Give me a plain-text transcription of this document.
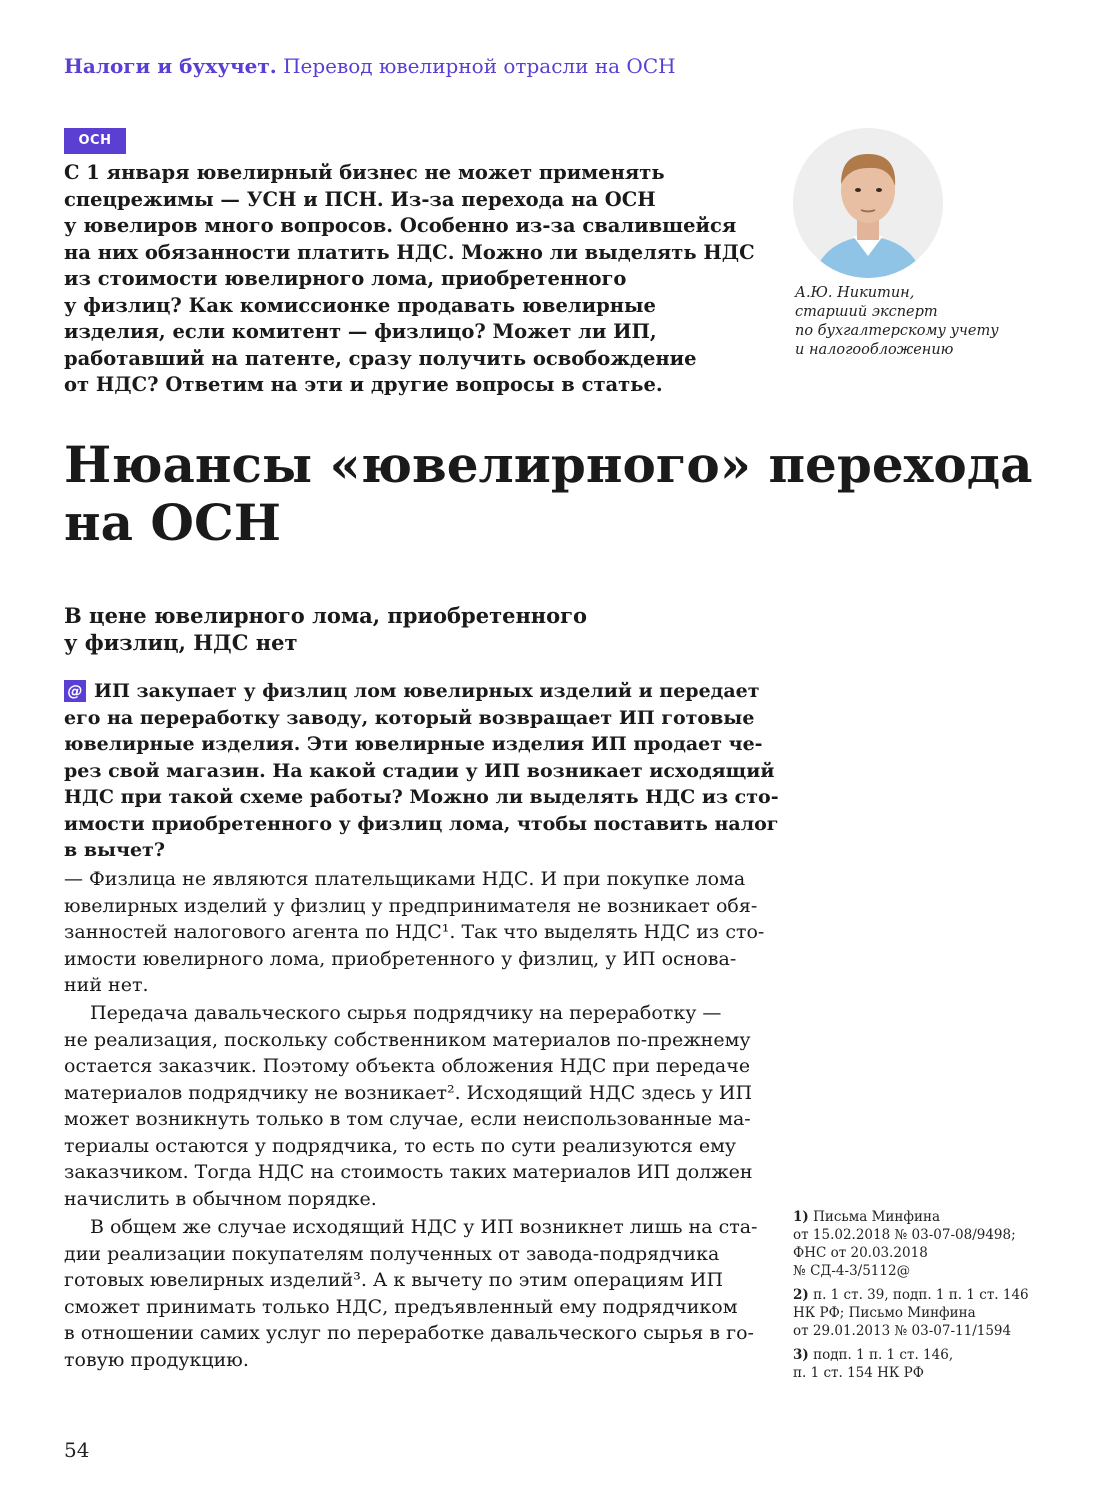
Налоги и бухучет. Перевод ювелирной отрасли на ОСН
ОСН
С 1 января ювелирный бизнес не может применять
спецрежимы — УСН и ПСН. Из-за перехода на ОСН
у ювелиров много вопросов. Особенно из-за свалившейся
на них обязанности платить НДС. Можно ли выделять НДС
из стоимости ювелирного лома, приобретенного
у физлиц? Как комиссионке продавать ювелирные
изделия, если комитент — физлицо? Может ли ИП,
работавший на патенте, сразу получить освобождение
от НДС? Ответим на эти и другие вопросы в статье.
А.Ю. Никитин,
старший эксперт
по бухгалтерскому учету
и налогообложению
Нюансы «ювелирного» перехода
на ОСН
В цене ювелирного лома, приобретенного
у физлиц, НДС нет
@ ИП закупает у физлиц лом ювелирных изделий и передает
его на переработку заводу, который возвращает ИП готовые
ювелирные изделия. Эти ювелирные изделия ИП продает че-
рез свой магазин. На какой стадии у ИП возникает исходящий
НДС при такой схеме работы? Можно ли выделять НДС из сто-
имости приобретенного у физлиц лома, чтобы поставить налог
в вычет?
— Физлица не являются плательщиками НДС. И при покупке лома
ювелирных изделий у физлиц у предпринимателя не возникает обя-
занностей налогового агента по НДС¹. Так что выделять НДС из сто-
имости ювелирного лома, приобретенного у физлиц, у ИП основа-
ний нет.
Передача давальческого сырья подрядчику на переработку —
не реализация, поскольку собственником материалов по-прежнему
остается заказчик. Поэтому объекта обложения НДС при передаче
материалов подрядчику не возникает². Исходящий НДС здесь у ИП
может возникнуть только в том случае, если неиспользованные ма-
териалы остаются у подрядчика, то есть по сути реализуются ему
заказчиком. Тогда НДС на стоимость таких материалов ИП должен
начислить в обычном порядке.
В общем же случае исходящий НДС у ИП возникнет лишь на ста-
дии реализации покупателям полученных от завода-подрядчика
готовых ювелирных изделий³. А к вычету по этим операциям ИП
сможет принимать только НДС, предъявленный ему подрядчиком
в отношении самих услуг по переработке давальческого сырья в го-
товую продукцию.
1) Письма Минфина
от 15.02.2018 № 03-07-08/9498;
ФНС от 20.03.2018
№ СД-4-3/5112@
2) п. 1 ст. 39, подп. 1 п. 1 ст. 146
НК РФ; Письмо Минфина
от 29.01.2013 № 03-07-11/1594
3) подп. 1 п. 1 ст. 146,
п. 1 ст. 154 НК РФ
54
